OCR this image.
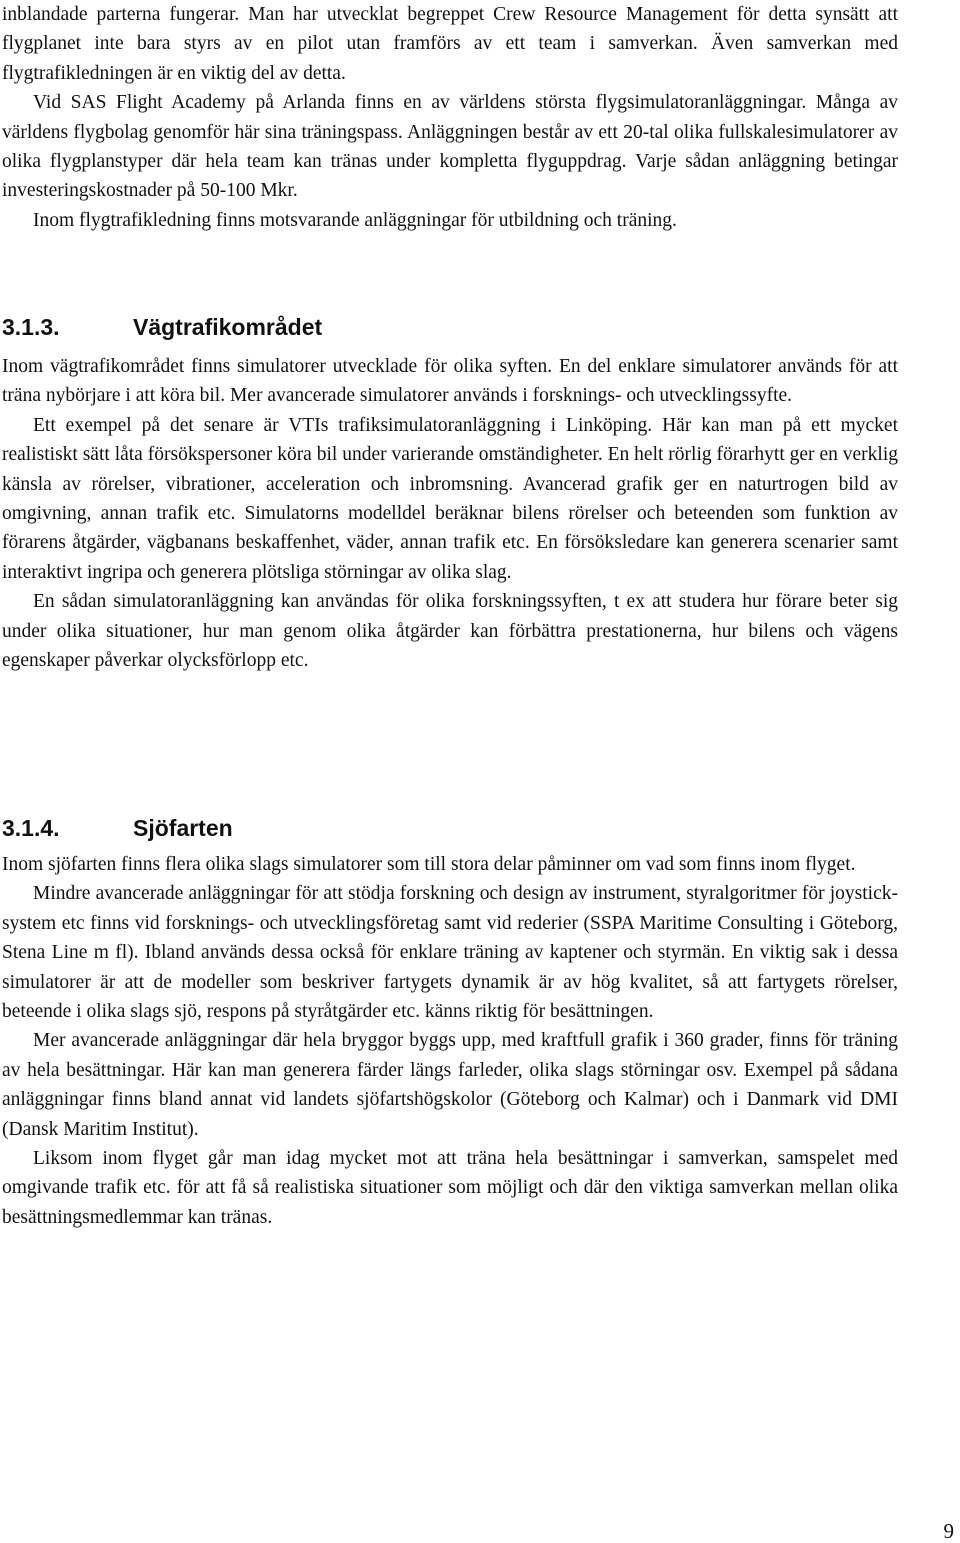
inblandade parterna fungerar. Man har utvecklat begreppet Crew Resource Management för detta synsätt att flygplanet inte bara styrs av en pilot utan framförs av ett team i samverkan. Även samverkan med flygtrafikledningen är en viktig del av detta.

Vid SAS Flight Academy på Arlanda finns en av världens största flygsimulatoranläggningar. Många av världens flygbolag genomför här sina träningspass. Anläggningen består av ett 20-tal olika fullskalesimulatorer av olika flygplanstyper där hela team kan tränas under kompletta flyguppdrag. Varje sådan anläggning betingar investeringskostnader på 50-100 Mkr.

Inom flygtrafikledning finns motsvarande anläggningar för utbildning och träning.

3.1.3.	Vägtrafikområdet

Inom vägtrafikområdet finns simulatorer utvecklade för olika syften. En del enklare simulatorer används för att träna nybörjare i att köra bil. Mer avancerade simulatorer används i forsknings- och utvecklingssyfte.

Ett exempel på det senare är VTIs trafiksimulatoranläggning i Linköping. Här kan man på ett mycket realistiskt sätt låta försökspersoner köra bil under varierande omständigheter. En helt rörlig förarhytt ger en verklig känsla av rörelser, vibrationer, acceleration och inbromsning. Avancerad grafik ger en naturtrogen bild av omgivning, annan trafik etc. Simulatorns modelldel beräknar bilens rörelser och beteenden som funktion av förarens åtgärder, vägbanans beskaffenhet, väder, annan trafik etc. En försöksledare kan generera scenarier samt interaktivt ingripa och generera plötsliga störningar av olika slag.

En sådan simulatoranläggning kan användas för olika forskningssyften, t ex att studera hur förare beter sig under olika situationer, hur man genom olika åtgärder kan förbättra prestationerna, hur bilens och vägens egenskaper påverkar olycksförlopp etc.

3.1.4.	Sjöfarten

Inom sjöfarten finns flera olika slags simulatorer som till stora delar påminner om vad som finns inom flyget.

Mindre avancerade anläggningar för att stödja forskning och design av instrument, styralgoritmer för joystick-system etc finns vid forsknings- och utvecklingsföretag samt vid rederier (SSPA Maritime Consulting i Göteborg, Stena Line m fl). Ibland används dessa också för enklare träning av kaptener och styrmän. En viktig sak i dessa simulatorer är att de modeller som beskriver fartygets dynamik är av hög kvalitet, så att fartygets rörelser, beteende i olika slags sjö, respons på styråtgärder etc. känns riktig för besättningen.

Mer avancerade anläggningar där hela bryggor byggs upp, med kraftfull grafik i 360 grader, finns för träning av hela besättningar. Här kan man generera färder längs farleder, olika slags störningar osv. Exempel på sådana anläggningar finns bland annat vid landets sjöfartshögskolor (Göteborg och Kalmar) och i Danmark vid DMI (Dansk Maritim Institut).

Liksom inom flyget går man idag mycket mot att träna hela besättningar i samverkan, samspelet med omgivande trafik etc. för att få så realistiska situationer som möjligt och där den viktiga samverkan mellan olika besättningsmedlemmar kan tränas.

9
